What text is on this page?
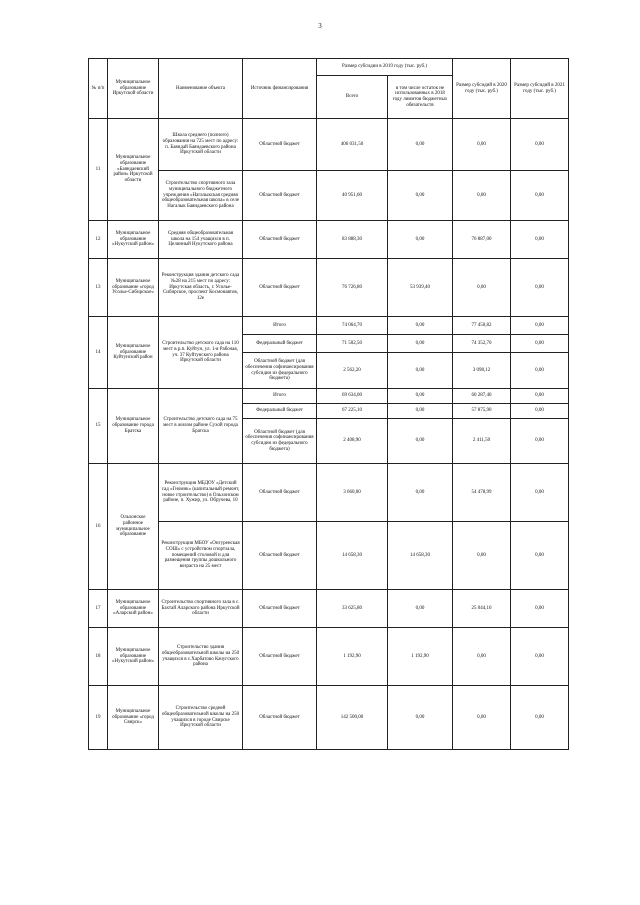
3
№ п/п	Муниципальное образование Иркутской области	Наименование объекта	Источник финансирования	Размер субсидии в 2019 году (тыс. руб.)		Размер субсидий в 2020 году (тыс. руб.)	Размер субсидий в 2021 году (тыс. руб.)
				Всего	в том числе остаток не использованных в 2018 году лимитов бюджетных обязательств		
11	Муниципальное образование «Баяндаевский район» Иркутской области	Школа среднего (полного) образования на 725 мест по адресу: п. Баяндай Баяндаевского района Иркутской области	Областной бюджет	406 031,50	0,00	0,00	0,00
		Строительство спортивного зала муниципального бюджетного учреждения «Нагалыкская средняя общеобразовательная школа» в селе Нагалык Баяндаевского района	Областной бюджет	40 951,60	0,00	0,00	0,00
12	Муниципальное образование «Нукутский район»	Средняя общеобразовательная школа на 154 учащихся в п. Целинный Нукутского района	Областной бюджет	83 888,30	0,00	76 887,00	0,00
13	Муниципальное образование «город Усолье-Сибирское»	Реконструкция здания детского сада №28 на 215 мест по адресу: Иркутская область, г. Усолье-Сибирское, проспект Космонавтов, 12е	Областной бюджет	76 726,80	53 939,40	0,00	0,00
14	Муниципальное образование Куйтунский район	Строительство детского сада на 110 мест в р.п. Куйтун, ул. 1-я Рабочая, уч. 37 Куйтунского района Иркутской области	Итого	74 064,70	0,00	77 450,82	0,00
			Федеральный бюджет	71 502,50	0,00	74 352,70	0,00
			Областной бюджет (для обеспечения софинансирования субсидии из федерального бюджета)	2 562,20	0,00	3 098,12	0,00
15	Муниципальное образование города Братска	Строительство детского сада на 75 мест в жилом районе Сухой города Братска	Итого	69 634,00	0,00	60 287,40	0,00
			Федеральный бюджет	67 225,10	0,00	57 875,90	0,00
			Областной бюджет (для обеспечения софинансирования субсидии из федерального бюджета)	2 408,90	0,00	2 411,50	0,00
16	Ольхонское районное муниципальное образование	Реконструкция МБДОУ «Детский сад «Гномик» (капитальный ремонт, новое строительство) в Ольхонском районе, п. Хужир, ул. Обручева, 10	Областной бюджет	3 660,00	0,00	54 478,99	0,00
		Реконструкция МБОУ «Онгуренская СОШ» с устройством спортзала, помещений столовой и для размещения группы дошкольного возраста на 25 мест	Областной бюджет	14 658,30	14 658,30	0,00	0,00
17	Муниципальное образование «Аларский район»	Строительство спортивного зала в с. Бахтай Аларского района Иркутской области	Областной бюджет	33 625,80	0,00	25 044,10	0,00
18	Муниципальное образование «Нукутский район»	Строительство здания общеобразовательной школы на 250 учащихся в с.Харбатово Качугского района	Областной бюджет	1 192,90	1 192,90	0,00	0,00
19	Муниципальное образование «город Свирск»	Строительство средней общеобразовательной школы на 250 учащихся в городе Свирске Иркутской области	Областной бюджет	142 500,00	0,00	0,00	0,00
